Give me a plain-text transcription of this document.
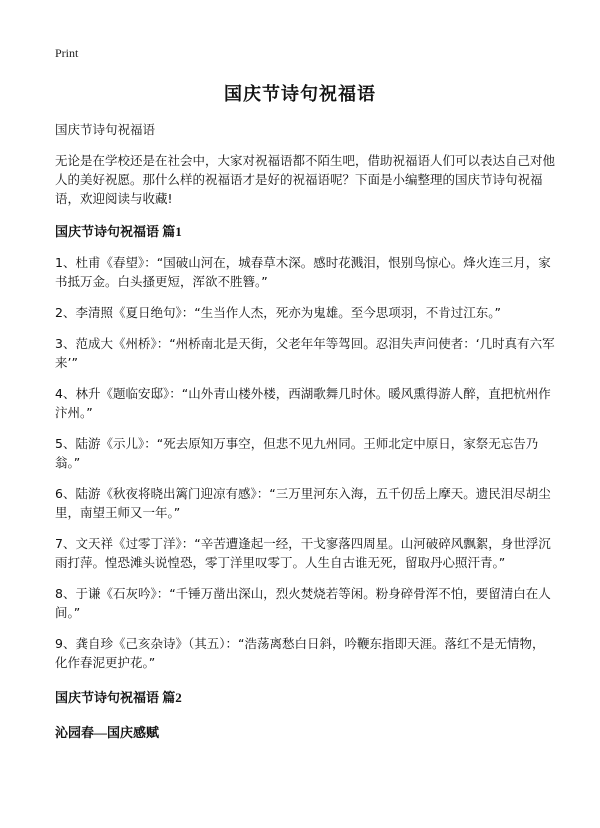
Print
国庆节诗句祝福语

国庆节诗句祝福语

无论是在学校还是在社会中，大家对祝福语都不陌生吧，借助祝福语人们可以表达自己对他人的美好祝愿。那什么样的祝福语才是好的祝福语呢？下面是小编整理的国庆节诗句祝福语，欢迎阅读与收藏!

国庆节诗句祝福语 篇1

1、杜甫《春望》：“国破山河在，城春草木深。感时花溅泪，恨别鸟惊心。烽火连三月，家书抵万金。白头搔更短，浑欲不胜簪。”

2、李清照《夏日绝句》：“生当作人杰，死亦为鬼雄。至今思项羽，不肯过江东。”

3、范成大《州桥》：“州桥南北是天街，父老年年等驾回。忍泪失声问使者：‘几时真有六军来’”

4、林升《题临安邸》：“山外青山楼外楼，西湖歌舞几时休。暖风熏得游人醉，直把杭州作汴州。”

5、陆游《示儿》：“死去原知万事空，但悲不见九州同。王师北定中原日，家祭无忘告乃翁。”

6、陆游《秋夜将晓出篱门迎凉有感》：“三万里河东入海，五千仞岳上摩天。遗民泪尽胡尘里，南望王师又一年。”

7、文天祥《过零丁洋》：“辛苦遭逢起一经，干戈寥落四周星。山河破碎风飘絮，身世浮沉雨打萍。惶恐滩头说惶恐，零丁洋里叹零丁。人生自古谁无死，留取丹心照汗青。”

8、于谦《石灰吟》：“千锤万凿出深山，烈火焚烧若等闲。粉身碎骨浑不怕，要留清白在人间。”

9、龚自珍《己亥杂诗》（其五）：“浩荡离愁白日斜，吟鞭东指即天涯。落红不是无情物，化作春泥更护花。”

国庆节诗句祝福语 篇2
沁园春—国庆感赋
